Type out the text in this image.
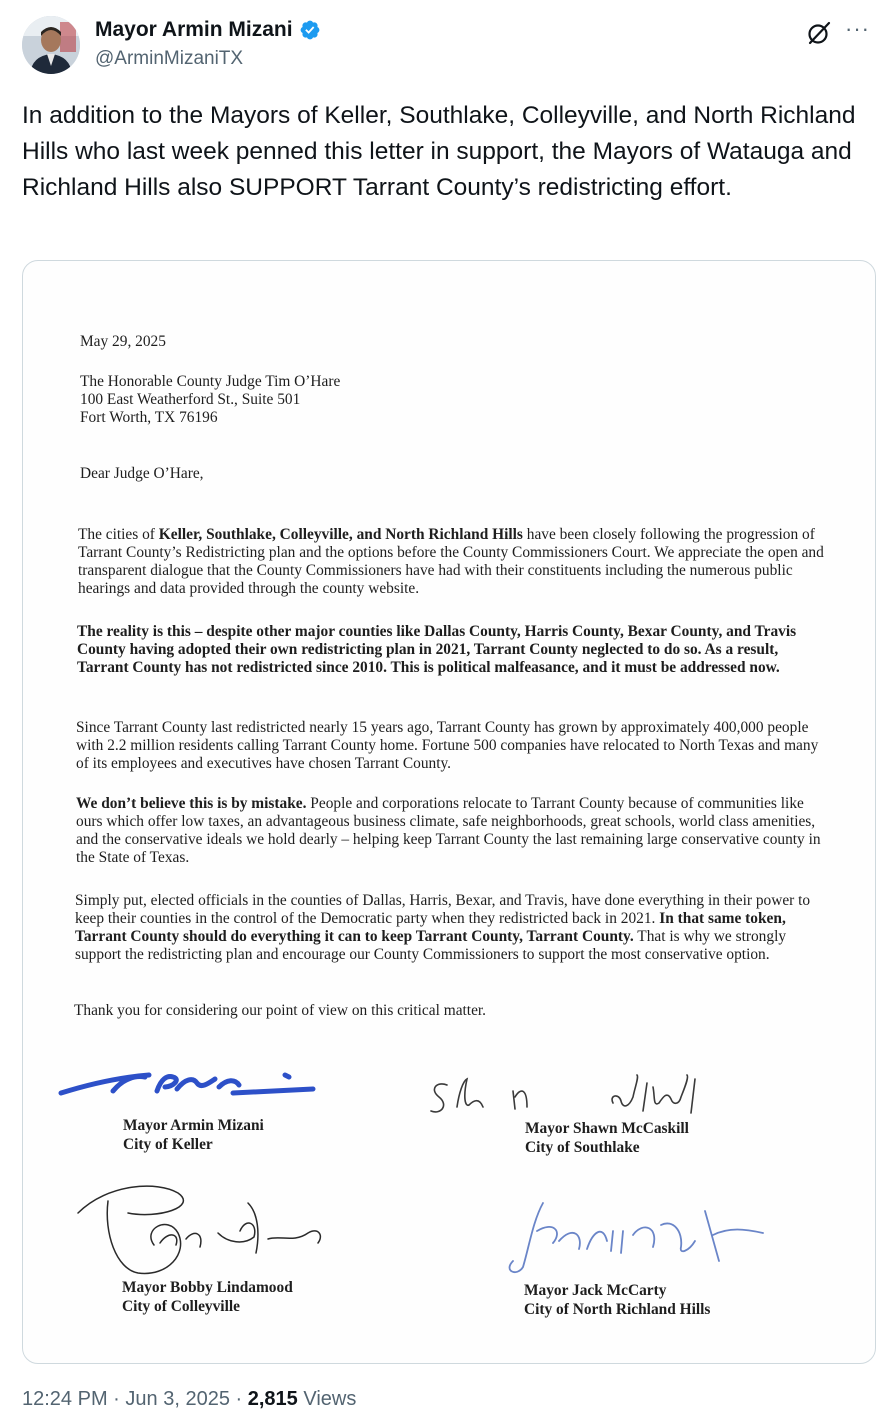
Mayor Armin Mizani
@ArminMizaniTX
···
In addition to the Mayors of Keller, Southlake, Colleyville, and North Richland Hills who last week penned this letter in support, the Mayors of Watauga and Richland Hills also SUPPORT Tarrant County’s redistricting effort.

May 29, 2025

The Honorable County Judge Tim O’Hare

100 East Weatherford St., Suite 501

Fort Worth, TX 76196

Dear Judge O’Hare,

The cities of Keller, Southlake, Colleyville, and North Richland Hills have been closely following the progression of Tarrant County’s Redistricting plan and the options before the County Commissioners Court. We appreciate the open and transparent dialogue that the County Commissioners have had with their constituents including the numerous public hearings and data provided through the county website.

The reality is this – despite other major counties like Dallas County, Harris County, Bexar County, and Travis County having adopted their own redistricting plan in 2021, Tarrant County neglected to do so. As a result, Tarrant County has not redistricted since 2010. This is political malfeasance, and it must be addressed now.

Since Tarrant County last redistricted nearly 15 years ago, Tarrant County has grown by approximately 400,000 people with 2.2 million residents calling Tarrant County home. Fortune 500 companies have relocated to North Texas and many of its employees and executives have chosen Tarrant County.

We don’t believe this is by mistake. People and corporations relocate to Tarrant County because of communities like ours which offer low taxes, an advantageous business climate, safe neighborhoods, great schools, world class amenities, and the conservative ideals we hold dearly – helping keep Tarrant County the last remaining large conservative county in the State of Texas.

Simply put, elected officials in the counties of Dallas, Harris, Bexar, and Travis, have done everything in their power to keep their counties in the control of the Democratic party when they redistricted back in 2021. In that same token, Tarrant County should do everything it can to keep Tarrant County, Tarrant County. That is why we strongly support the redistricting plan and encourage our County Commissioners to support the most conservative option.

Thank you for considering our point of view on this critical matter.

Mayor Armin Mizani
City of Keller
Mayor Shawn McCaskill
City of Southlake
Mayor Bobby Lindamood
City of Colleyville
Mayor Jack McCarty
City of North Richland Hills
12:24 PM · Jun 3, 2025 · 2,815 Views
